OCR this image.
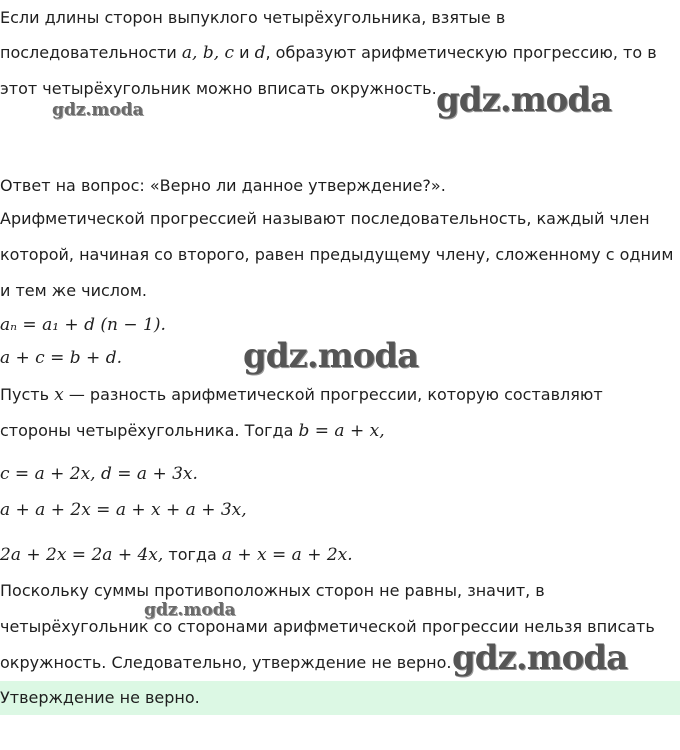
Если длины сторон выпуклого четырёхугольника, взятые в
последовательности a, b, c и d, образуют арифметическую прогрессию, то в
этот четырёхугольник можно вписать окружность.
Ответ на вопрос: «Верно ли данное утверждение?».
Арифметической прогрессией называют последовательность, каждый член
которой, начиная со второго, равен предыдущему члену, сложенному с одним
и тем же числом.
aₙ = a₁ + d (n − 1).
a + c = b + d.
Пусть x — разность арифметической прогрессии, которую составляют
стороны четырёхугольника. Тогда b = a + x,
c = a + 2x, d = a + 3x.
a + a + 2x = a + x + a + 3x,
2a + 2x = 2a + 4x, тогда a + x = a + 2x.
Поскольку суммы противоположных сторон не равны, значит, в
четырёхугольник со сторонами арифметической прогрессии нельзя вписать
окружность. Следовательно, утверждение не верно.
Утверждение не верно.
gdz.moda
gdz.moda
gdz.moda
gdz.moda
gdz.moda
